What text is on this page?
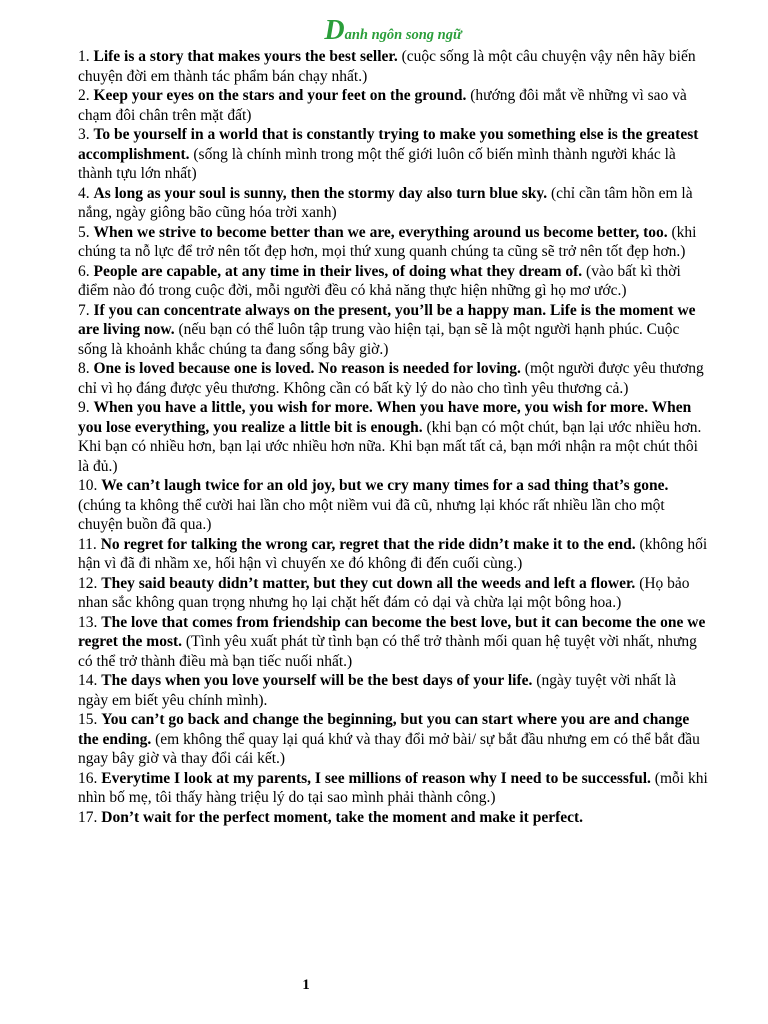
Danh ngôn song ngữ

1. Life is a story that makes yours the best seller. (cuộc sống là một câu chuyện vậy nên hãy biến chuyện đời em thành tác phẩm bán chạy nhất.)

2. Keep your eyes on the stars and your feet on the ground. (hướng đôi mắt về những vì sao và chạm đôi chân trên mặt đất)

3. To be yourself in a world that is constantly trying to make you something else is the greatest accomplishment. (sống là chính mình trong một thế giới luôn cố biến mình thành người khác là thành tựu lớn nhất)

4. As long as your soul is sunny, then the stormy day also turn blue sky. (chỉ cần tâm hồn em là nắng, ngày giông bão cũng hóa trời xanh)

5. When we strive to become better than we are, everything around us become better, too. (khi chúng ta nỗ lực để trở nên tốt đẹp hơn, mọi thứ xung quanh chúng ta cũng sẽ trở nên tốt đẹp hơn.)

6. People are capable, at any time in their lives, of doing what they dream of. (vào bất kì thời điểm nào đó trong cuộc đời, mỗi người đều có khả năng thực hiện những gì họ mơ ước.)

7. If you can concentrate always on the present, you’ll be a happy man. Life is the moment we are living now. (nếu bạn có thể luôn tập trung vào hiện tại, bạn sẽ là một người hạnh phúc. Cuộc sống là khoảnh khắc chúng ta đang sống bây giờ.)

8. One is loved because one is loved. No reason is needed for loving. (một người được yêu thương chỉ vì họ đáng được yêu thương. Không cần có bất kỳ lý do nào cho tình yêu thương cả.)

9. When you have a little, you wish for more. When you have more, you wish for more. When you lose everything, you realize a little bit is enough. (khi bạn có một chút, bạn lại ước nhiều hơn. Khi bạn có nhiều hơn, bạn lại ước nhiều hơn nữa. Khi bạn mất tất cả, bạn mới nhận ra một chút thôi là đủ.)

10. We can’t laugh twice for an old joy, but we cry many times for a sad thing that’s gone. (chúng ta không thể cười hai lần cho một niềm vui đã cũ, nhưng lại khóc rất nhiều lần cho một chuyện buồn đã qua.)

11. No regret for talking the wrong car, regret that the ride didn’t make it to the end. (không hối hận vì đã đi nhầm xe, hối hận vì chuyến xe đó không đi đến cuối cùng.)

12. They said beauty didn’t matter, but they cut down all the weeds and left a flower. (Họ bảo nhan sắc không quan trọng nhưng họ lại chặt hết đám cỏ dại và chừa lại một bông hoa.)

13. The love that comes from friendship can become the best love, but it can become the one we regret the most. (Tình yêu xuất phát từ tình bạn có thể trở thành mối quan hệ tuyệt vời nhất, nhưng có thể trở thành điều mà bạn tiếc nuối nhất.)

14. The days when you love yourself will be the best days of your life. (ngày tuyệt vời nhất là ngày em biết yêu chính mình).

15. You can’t go back and change the beginning, but you can start where you are and change the ending. (em không thể quay lại quá khứ và thay đổi mở bài/ sự bắt đầu nhưng em có thể bắt đầu ngay bây giờ và thay đổi cái kết.)

16. Everytime I look at my parents, I see millions of reason why I need to be successful. (mỗi khi nhìn bố mẹ, tôi thấy hàng triệu lý do tại sao mình phải thành công.)

17. Don’t wait for the perfect moment, take the moment and make it perfect.

1
